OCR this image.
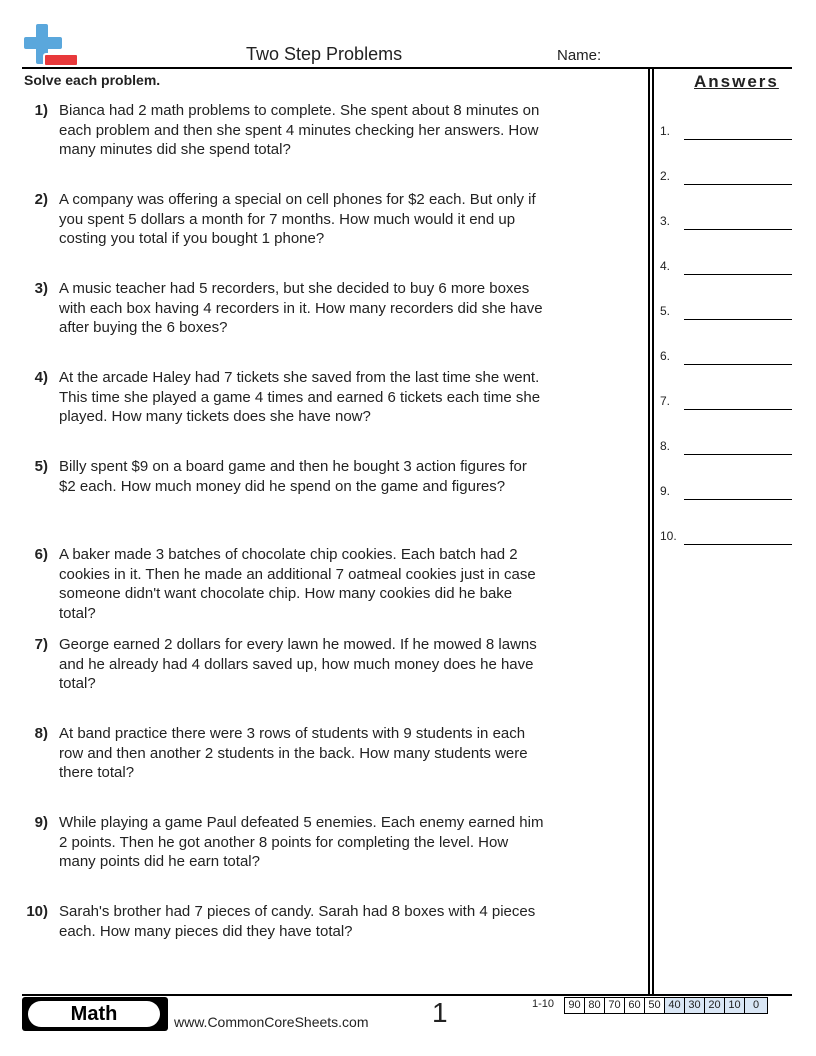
Two Step Problems	Name:
Solve each problem.	Answers
1.
2.
3.
4.
5.
6.
7.
8.
9.
10.
1) Bianca had 2 math problems to complete. She spent about 8 minutes on each problem and then she spent 4 minutes checking her answers. How many minutes did she spend total?
2) A company was offering a special on cell phones for $2 each. But only if you spent 5 dollars a month for 7 months. How much would it end up costing you total if you bought 1 phone?
3) A music teacher had 5 recorders, but she decided to buy 6 more boxes with each box having 4 recorders in it. How many recorders did she have after buying the 6 boxes?
4) At the arcade Haley had 7 tickets she saved from the last time she went. This time she played a game 4 times and earned 6 tickets each time she played. How many tickets does she have now?
5) Billy spent $9 on a board game and then he bought 3 action figures for $2 each. How much money did he spend on the game and figures?
6) A baker made 3 batches of chocolate chip cookies. Each batch had 2 cookies in it. Then he made an additional 7 oatmeal cookies just in case someone didn't want chocolate chip. How many cookies did he bake total?
7) George earned 2 dollars for every lawn he mowed. If he mowed 8 lawns and he already had 4 dollars saved up, how much money does he have total?
8) At band practice there were 3 rows of students with 9 students in each row and then another 2 students in the back. How many students were there total?
9) While playing a game Paul defeated 5 enemies. Each enemy earned him 2 points. Then he got another 8 points for completing the level. How many points did he earn total?
10) Sarah's brother had 7 pieces of candy. Sarah had 8 boxes with 4 pieces each. How many pieces did they have total?
Math	www.CommonCoreSheets.com 1	1-10	90 80 70 60 50 40 30 20 10	0
